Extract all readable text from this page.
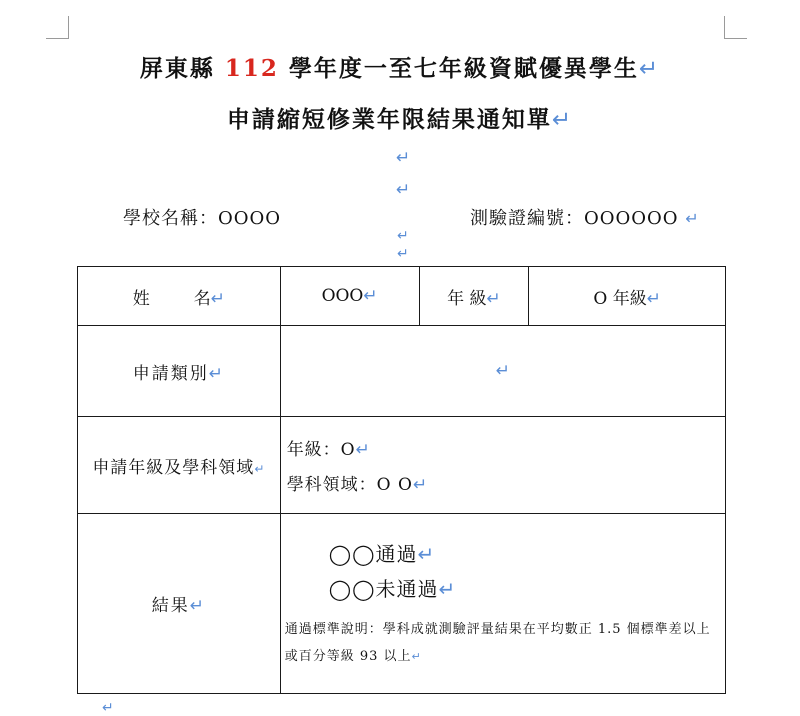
屏東縣 112 學年度一至七年級資賦優異學生↵
申請縮短修業年限結果通知單↵
↵
↵
學校名稱：OOOO	測驗證編號：OOOOOO ↵
↵
↵
姓 名↵	OOO↵	年 級↵	O 年級↵
申請類別↵	↵		
申請年級及學科領域↵	年級：O↵
學科領域：O O↵		

結果↵	◯◯通過↵
◯◯未通過↵
通過標準說明：學科成就測驗評量結果在平均數正 1.5 個標準差以上或百分等級 93 以上↵		
↵
